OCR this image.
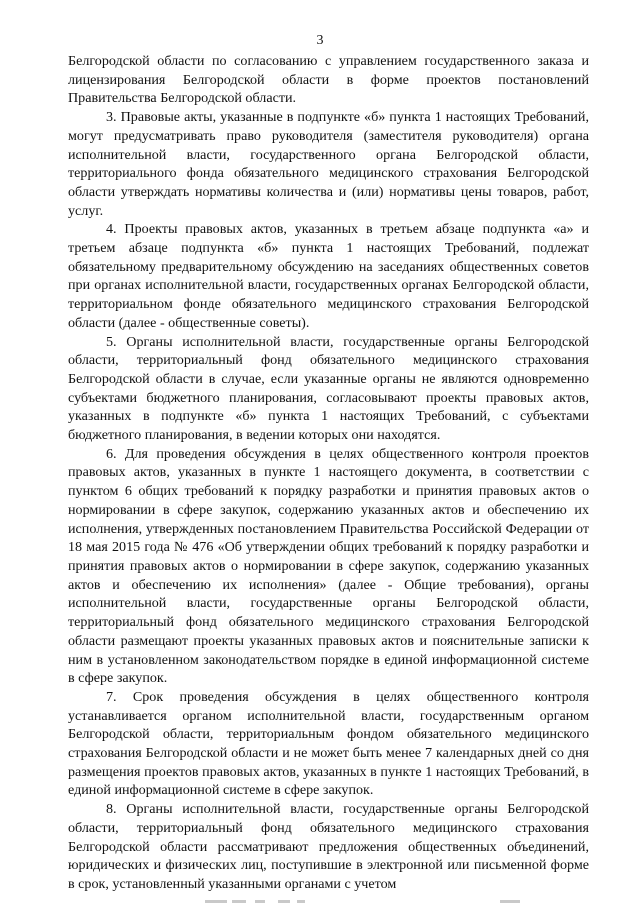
3

Белгородской области по согласованию с управлением государственного заказа и лицензирования Белгородской области в форме проектов постановлений Правительства Белгородской области.

3. Правовые акты, указанные в подпункте «б» пункта 1 настоящих Требований, могут предусматривать право руководителя (заместителя руководителя) органа исполнительной власти, государственного органа Белгородской области, территориального фонда обязательного медицинского страхования Белгородской области утверждать нормативы количества и (или) нормативы цены товаров, работ, услуг.

4. Проекты правовых актов, указанных в третьем абзаце подпункта «а» и третьем абзаце подпункта «б» пункта 1 настоящих Требований, подлежат обязательному предварительному обсуждению на заседаниях общественных советов при органах исполнительной власти, государственных органах Белгородской области, территориальном фонде обязательного медицинского страхования Белгородской области (далее - общественные советы).

5. Органы исполнительной власти, государственные органы Белгородской области, территориальный фонд обязательного медицинского страхования Белгородской области в случае, если указанные органы не являются одновременно субъектами бюджетного планирования, согласовывают проекты правовых актов, указанных в подпункте «б» пункта 1 настоящих Требований, с субъектами бюджетного планирования, в ведении которых они находятся.

6. Для проведения обсуждения в целях общественного контроля проектов правовых актов, указанных в пункте 1 настоящего документа, в соответствии с пунктом 6 общих требований к порядку разработки и принятия правовых актов о нормировании в сфере закупок, содержанию указанных актов и обеспечению их исполнения, утвержденных постановлением Правительства Российской Федерации от 18 мая 2015 года № 476 «Об утверждении общих требований к порядку разработки и принятия правовых актов о нормировании в сфере закупок, содержанию указанных актов и обеспечению их исполнения» (далее - Общие требования), органы исполнительной власти, государственные органы Белгородской области, территориальный фонд обязательного медицинского страхования Белгородской области размещают проекты указанных правовых актов и пояснительные записки к ним в установленном законодательством порядке в единой информационной системе в сфере закупок.

7. Срок проведения обсуждения в целях общественного контроля устанавливается органом исполнительной власти, государственным органом Белгородской области, территориальным фондом обязательного медицинского страхования Белгородской области и не может быть менее 7 календарных дней со дня размещения проектов правовых актов, указанных в пункте 1 настоящих Требований, в единой информационной системе в сфере закупок.

8. Органы исполнительной власти, государственные органы Белгородской области, территориальный фонд обязательного медицинского страхования Белгородской области рассматривают предложения общественных объединений, юридических и физических лиц, поступившие в электронной или письменной форме в срок, установленный указанными органами с учетом
